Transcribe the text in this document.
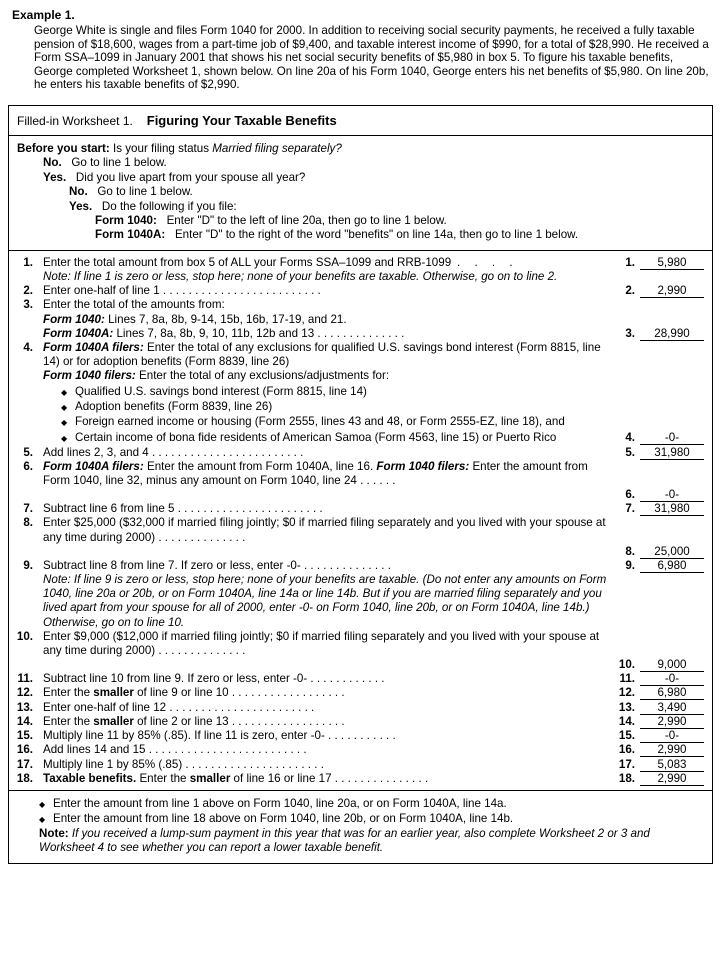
Example 1.
George White is single and files Form 1040 for 2000. In addition to receiving social security payments, he received a fully taxable pension of $18,600, wages from a part-time job of $9,400, and taxable interest income of $990, for a total of $28,990. He received a Form SSA–1099 in January 2001 that shows his net social security benefits of $5,980 in box 5. To figure his taxable benefits, George completed Worksheet 1, shown below. On line 20a of his Form 1040, George enters his net benefits of $5,980. On line 20b, he enters his taxable benefits of $2,990.
Filled-in Worksheet 1. Figuring Your Taxable Benefits
Before you start: Is your filing status Married filing separately?
No. Go to line 1 below.
Yes. Did you live apart from your spouse all year?
No. Go to line 1 below.
Yes. Do the following if you file:
Form 1040: Enter "D" to the left of line 20a, then go to line 1 below.
Form 1040A: Enter "D" to the right of the word "benefits" on line 14a, then go to line 1 below.
1. Enter the total amount from box 5 of ALL your Forms SSA–1099 and RRB-1099 .  .  .  .	1.	5,980
Note: If line 1 is zero or less, stop here; none of your benefits are taxable. Otherwise, go on to line 2.
2. Enter one-half of line 1 . . . . . . . . . . . . . . . . . . . . . . . . .	2.	2,990
3. Enter the total of the amounts from:
Form 1040: Lines 7, 8a, 8b, 9-14, 15b, 16b, 17-19, and 21.
Form 1040A: Lines 7, 8a, 8b, 9, 10, 11b, 12b and 13 . . . . . . . . . . . . . .	3.	28,990
4. Form 1040A filers: Enter the total of any exclusions for qualified U.S. savings bond interest (Form 8815, line 14) or for adoption benefits (Form 8839, line 26)
Form 1040 filers: Enter the total of any exclusions/adjustments for:
◆ Qualified U.S. savings bond interest (Form 8815, line 14)
◆ Adoption benefits (Form 8839, line 26)
◆ Foreign earned income or housing (Form 2555, lines 43 and 48, or Form 2555-EZ, line 18), and
◆ Certain income of bona fide residents of American Samoa (Form 4563, line 15) or Puerto Rico	4.	-0-
5. Add lines 2, 3, and 4 . . . . . . . . . . . . . . . . . . . . . . . .	5.	31,980
6. Form 1040A filers: Enter the amount from Form 1040A, line 16. Form 1040 filers: Enter the amount from Form 1040, line 32, minus any amount on Form 1040, line 24 . . . . . .
6.	-0-
7. Subtract line 6 from line 5 . . . . . . . . . . . . . . . . . . . . . . .	7.	31,980
8. Enter $25,000 ($32,000 if married filing jointly; $0 if married filing separately and you lived with your spouse at any time during 2000) . . . . . . . . . . . . . .
8.	25,000
9. Subtract line 8 from line 7. If zero or less, enter -0- . . . . . . . . . . . . . .	9.	6,980
Note: If line 9 is zero or less, stop here; none of your benefits are taxable. (Do not enter any amounts on Form 1040, line 20a or 20b, or on Form 1040A, line 14a or line 14b. But if you are married filing separately and you lived apart from your spouse for all of 2000, enter -0- on Form 1040, line 20b, or on Form 1040A, line 14b.) Otherwise, go on to line 10.
10. Enter $9,000 ($12,000 if married filing jointly; $0 if married filing separately and you lived with your spouse at any time during 2000) . . . . . . . . . . . . . .
10.	9,000
11. Subtract line 10 from line 9. If zero or less, enter -0- . . . . . . . . . . . .	11.	-0-
12. Enter the smaller of line 9 or line 10 . . . . . . . . . . . . . . . . . .	12.	6,980
13. Enter one-half of line 12 . . . . . . . . . . . . . . . . . . . . . . .	13.	3,490
14. Enter the smaller of line 2 or line 13 . . . . . . . . . . . . . . . . . .	14.	2,990
15. Multiply line 11 by 85% (.85). If line 11 is zero, enter -0- . . . . . . . . . . .	15.	-0-
16. Add lines 14 and 15 . . . . . . . . . . . . . . . . . . . . . . . . .	16.	2,990
17. Multiply line 1 by 85% (.85) . . . . . . . . . . . . . . . . . . . . . .	17.	5,083
18. Taxable benefits. Enter the smaller of line 16 or line 17 . . . . . . . . . . . . . . .	18.	2,990
◆ Enter the amount from line 1 above on Form 1040, line 20a, or on Form 1040A, line 14a.
◆ Enter the amount from line 18 above on Form 1040, line 20b, or on Form 1040A, line 14b.
Note: If you received a lump-sum payment in this year that was for an earlier year, also complete Worksheet 2 or 3 and Worksheet 4 to see whether you can report a lower taxable benefit.
